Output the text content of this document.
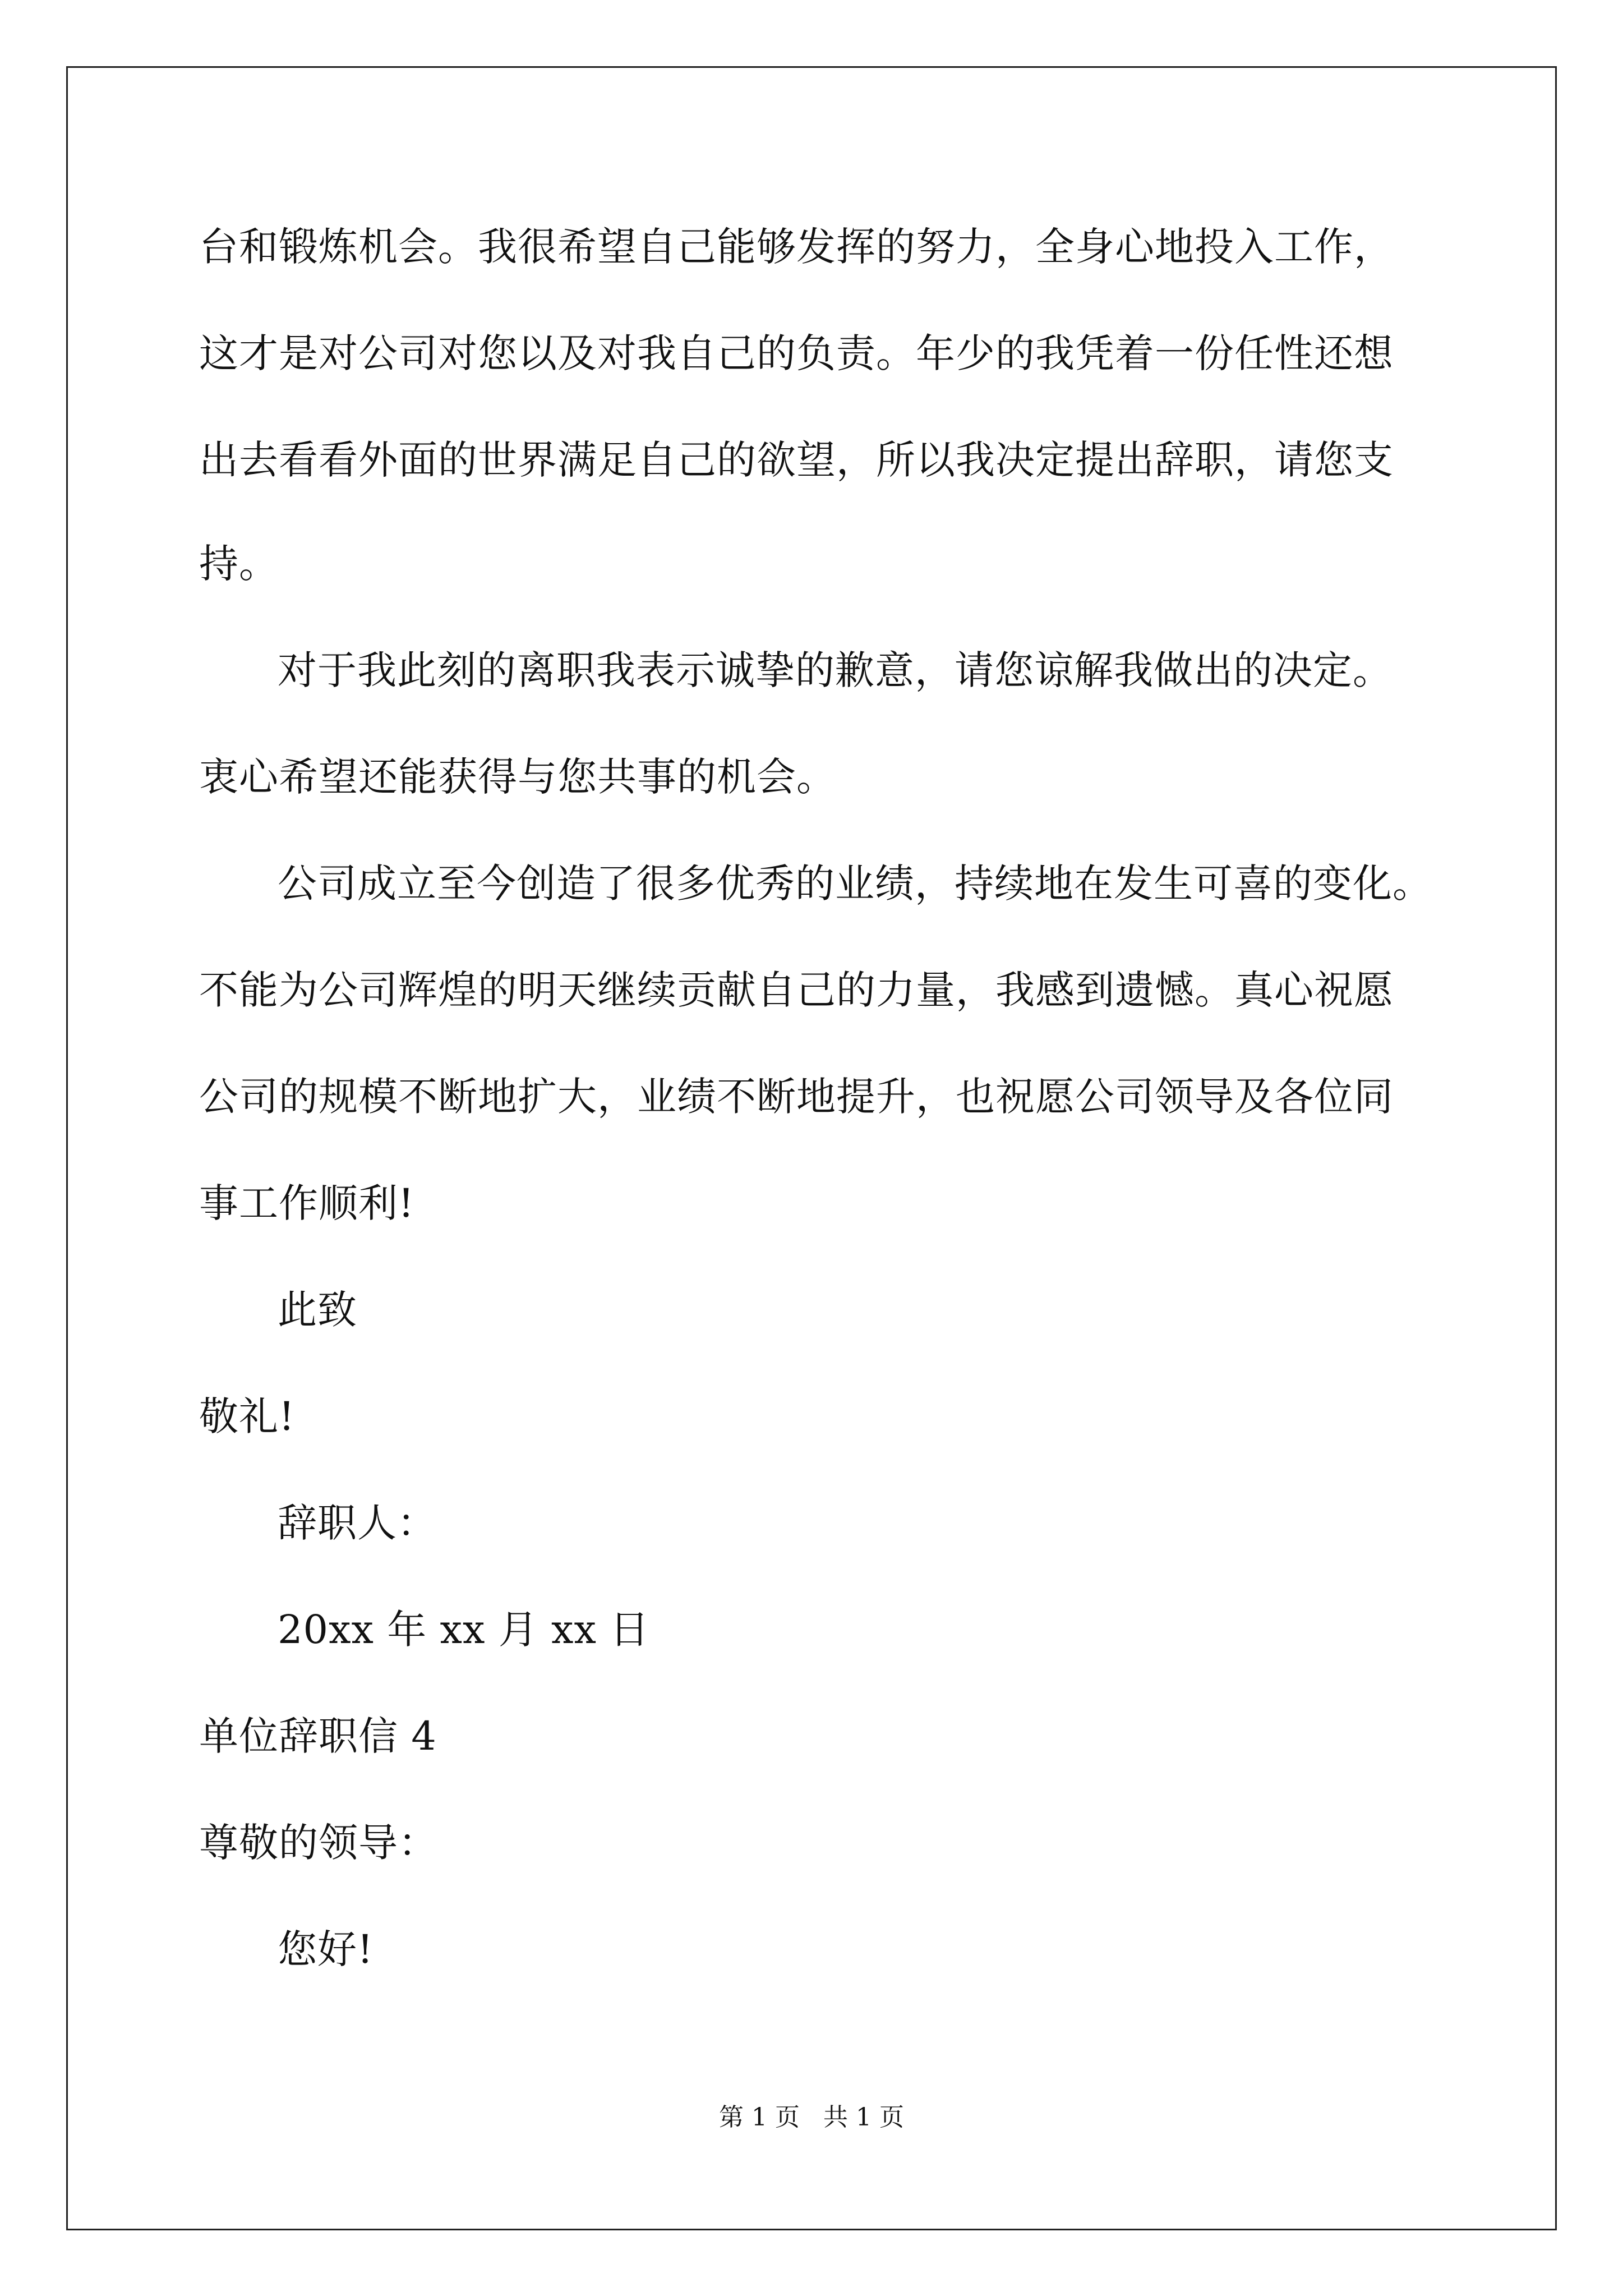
台和锻炼机会。我很希望自己能够发挥的努力，全身心地投入工作，
这才是对公司对您以及对我自己的负责。年少的我凭着一份任性还想
出去看看外面的世界满足自己的欲望，所以我决定提出辞职，请您支
持。
对于我此刻的离职我表示诚挚的歉意，请您谅解我做出的决定。
衷心希望还能获得与您共事的机会。
公司成立至今创造了很多优秀的业绩，持续地在发生可喜的变化。
不能为公司辉煌的明天继续贡献自己的力量，我感到遗憾。真心祝愿
公司的规模不断地扩大，业绩不断地提升，也祝愿公司领导及各位同
事工作顺利!
此致
敬礼!
辞职人：
20xx 年 xx 月 xx 日
单位辞职信 4
尊敬的领导：
您好!
第 1 页   共 1 页
